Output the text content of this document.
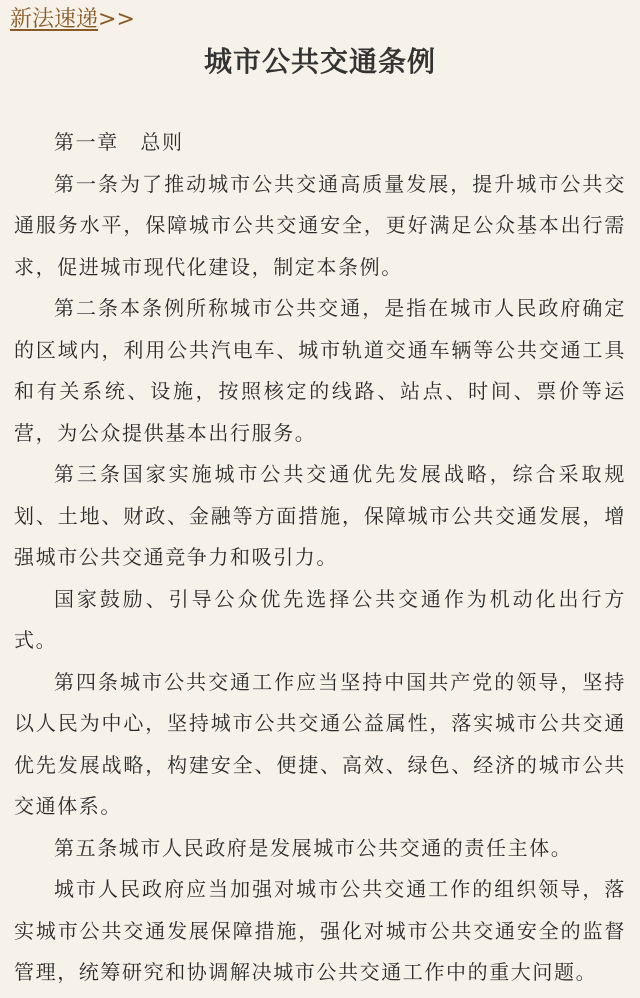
新法速递>>
城市公共交通条例

第一章　总则

第一条为了推动城市公共交通高质量发展，提升城市公共交通服务水平，保障城市公共交通安全，更好满足公众基本出行需求，促进城市现代化建设，制定本条例。

第二条本条例所称城市公共交通，是指在城市人民政府确定的区域内，利用公共汽电车、城市轨道交通车辆等公共交通工具和有关系统、设施，按照核定的线路、站点、时间、票价等运营，为公众提供基本出行服务。

第三条国家实施城市公共交通优先发展战略，综合采取规划、土地、财政、金融等方面措施，保障城市公共交通发展，增强城市公共交通竞争力和吸引力。

国家鼓励、引导公众优先选择公共交通作为机动化出行方式。

第四条城市公共交通工作应当坚持中国共产党的领导，坚持以人民为中心，坚持城市公共交通公益属性，落实城市公共交通优先发展战略，构建安全、便捷、高效、绿色、经济的城市公共交通体系。

第五条城市人民政府是发展城市公共交通的责任主体。

城市人民政府应当加强对城市公共交通工作的组织领导，落实城市公共交通发展保障措施，强化对城市公共交通安全的监督管理，统筹研究和协调解决城市公共交通工作中的重大问题。
